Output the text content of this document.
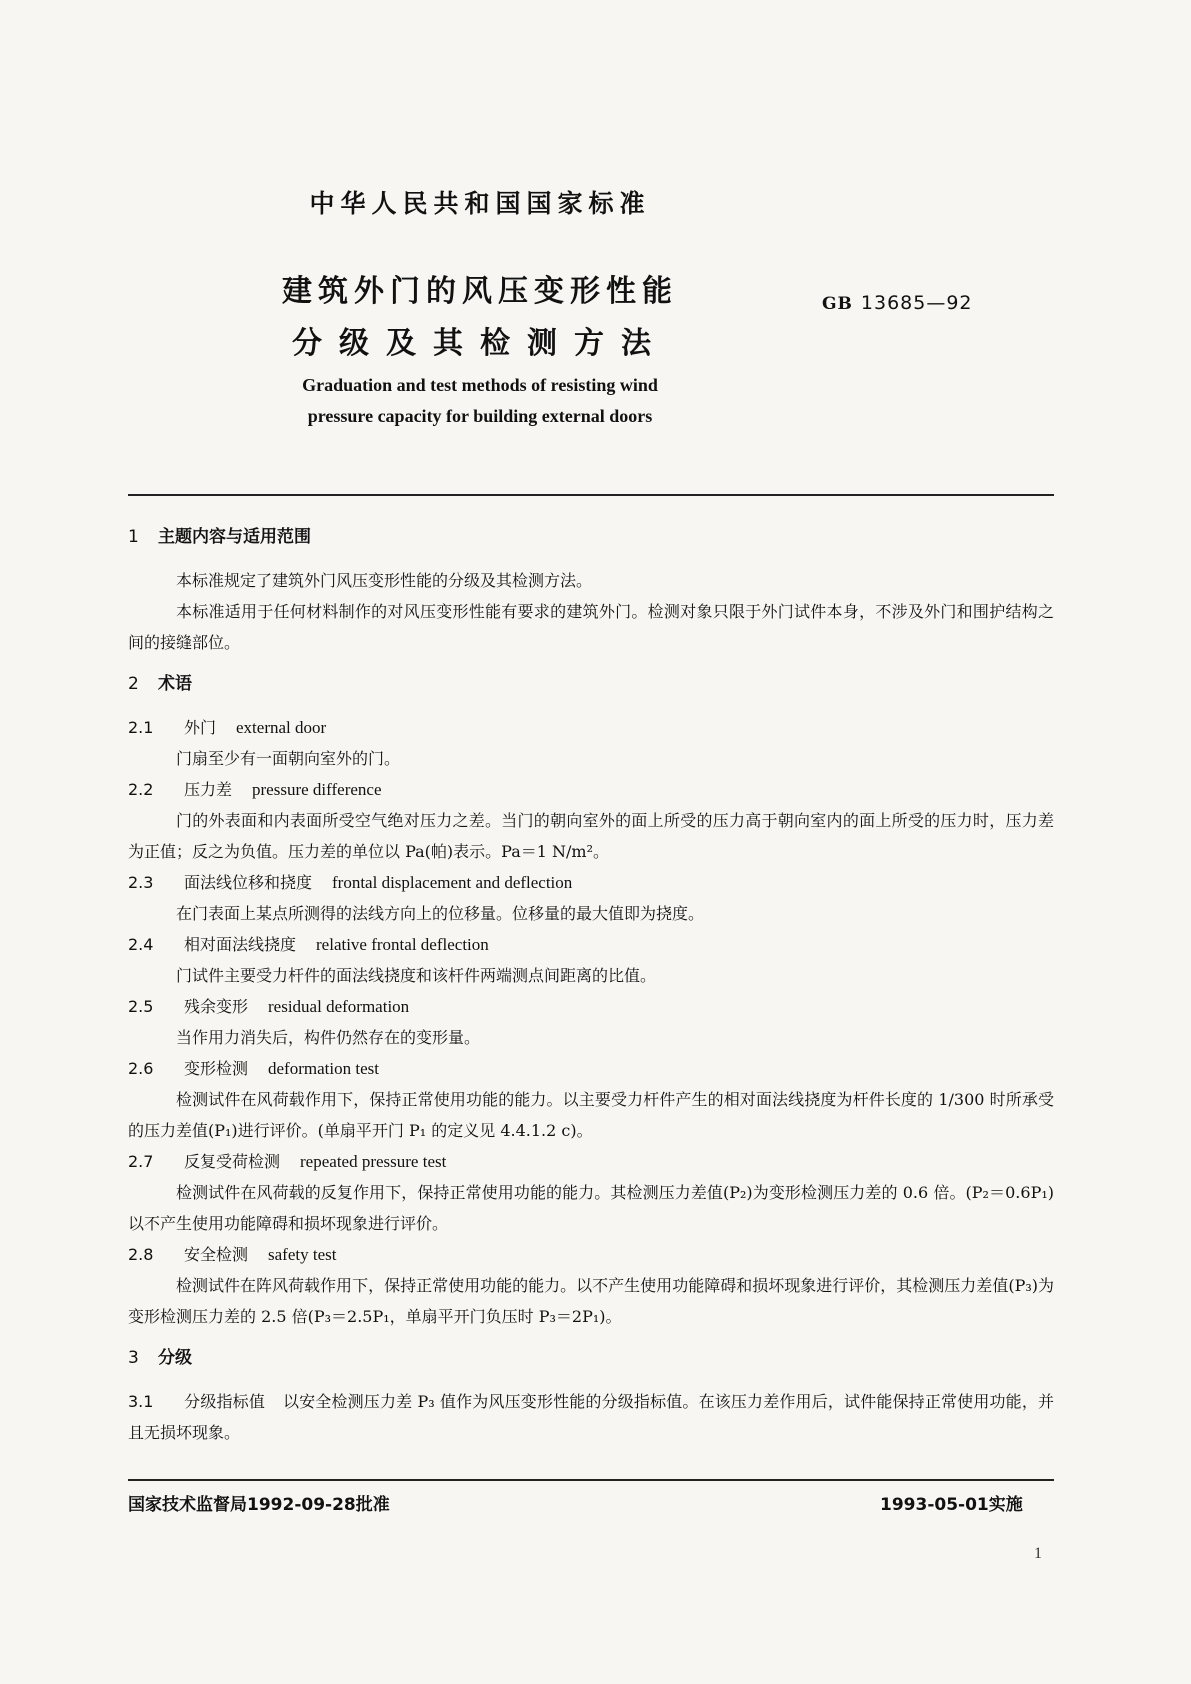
中华人民共和国国家标准
建筑外门的风压变形性能
分级及其检测方法
GB 13685—92
Graduation and test methods of resisting wind
pressure capacity for building external doors
1 主题内容与适用范围

本标准规定了建筑外门风压变形性能的分级及其检测方法。

本标准适用于任何材料制作的对风压变形性能有要求的建筑外门。检测对象只限于外门试件本身，不涉及外门和围护结构之间的接缝部位。

2 术语

2.1 外门 external door

门扇至少有一面朝向室外的门。

2.2 压力差 pressure difference

门的外表面和内表面所受空气绝对压力之差。当门的朝向室外的面上所受的压力高于朝向室内的面上所受的压力时，压力差为正值；反之为负值。压力差的单位以 Pa(帕)表示。Pa＝1 N/m²。

2.3 面法线位移和挠度 frontal displacement and deflection

在门表面上某点所测得的法线方向上的位移量。位移量的最大值即为挠度。

2.4 相对面法线挠度 relative frontal deflection

门试件主要受力杆件的面法线挠度和该杆件两端测点间距离的比值。

2.5 残余变形 residual deformation

当作用力消失后，构件仍然存在的变形量。

2.6 变形检测 deformation test

检测试件在风荷载作用下，保持正常使用功能的能力。以主要受力杆件产生的相对面法线挠度为杆件长度的 1/300 时所承受的压力差值(P₁)进行评价。(单扇平开门 P₁ 的定义见 4.4.1.2 c)。

2.7 反复受荷检测 repeated pressure test

检测试件在风荷载的反复作用下，保持正常使用功能的能力。其检测压力差值(P₂)为变形检测压力差的 0.6 倍。(P₂＝0.6P₁)以不产生使用功能障碍和损坏现象进行评价。

2.8 安全检测 safety test

检测试件在阵风荷载作用下，保持正常使用功能的能力。以不产生使用功能障碍和损坏现象进行评价，其检测压力差值(P₃)为变形检测压力差的 2.5 倍(P₃＝2.5P₁，单扇平开门负压时 P₃＝2P₁)。

3 分级

3.1 分级指标值 以安全检测压力差 P₃ 值作为风压变形性能的分级指标值。在该压力差作用后，试件能保持正常使用功能，并且无损坏现象。

国家技术监督局1992-09-28批准	1993-05-01实施
1
